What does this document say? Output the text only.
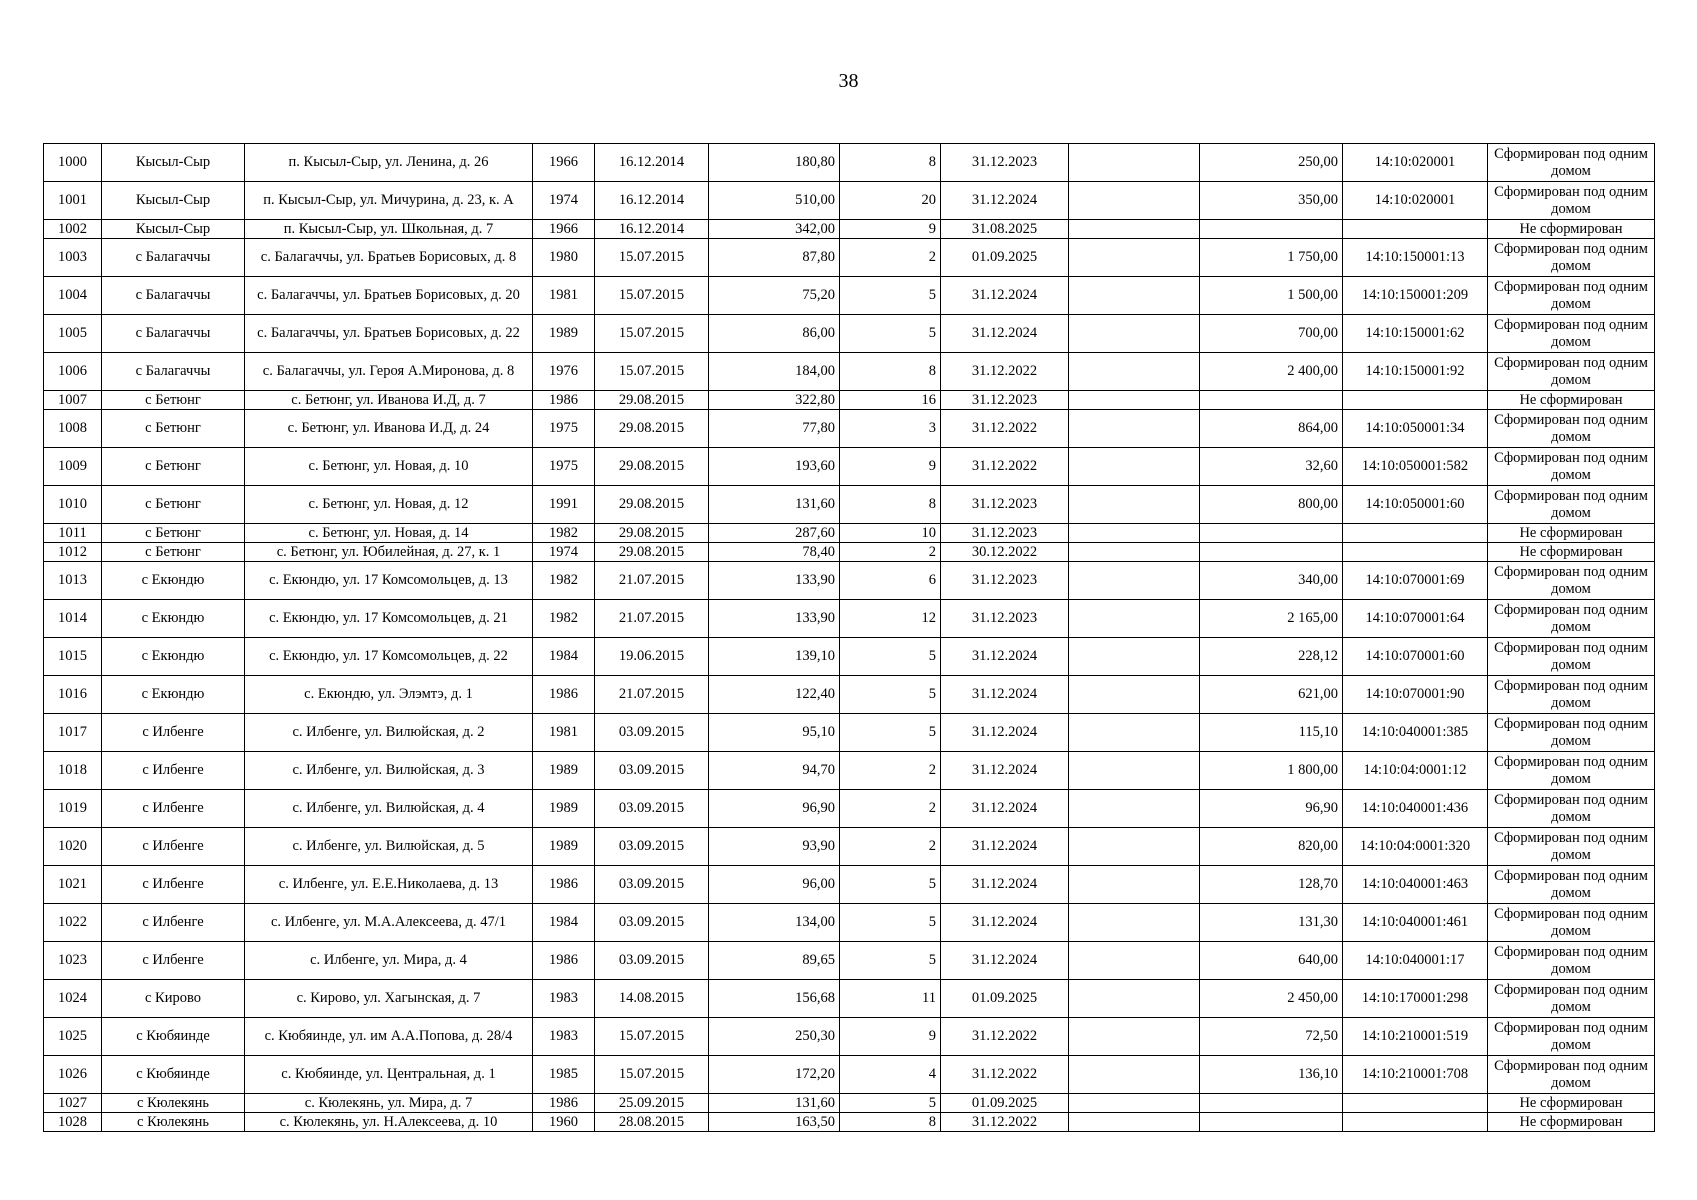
38
1000	Кысыл-Сыр	п. Кысыл-Сыр, ул. Ленина, д. 26	1966	16.12.2014	180,80	8	31.12.2023		250,00	14:10:020001	Сформирован под одним домом
1001	Кысыл-Сыр	п. Кысыл-Сыр, ул. Мичурина, д. 23, к. А	1974	16.12.2014	510,00	20	31.12.2024		350,00	14:10:020001	Сформирован под одним домом
1002	Кысыл-Сыр	п. Кысыл-Сыр, ул. Школьная, д. 7	1966	16.12.2014	342,00	9	31.08.2025				Не сформирован
1003	с Балагаччы	с. Балагаччы, ул. Братьев Борисовых, д. 8	1980	15.07.2015	87,80	2	01.09.2025		1 750,00	14:10:150001:13	Сформирован под одним домом
1004	с Балагаччы	с. Балагаччы, ул. Братьев Борисовых, д. 20	1981	15.07.2015	75,20	5	31.12.2024		1 500,00	14:10:150001:209	Сформирован под одним домом
1005	с Балагаччы	с. Балагаччы, ул. Братьев Борисовых, д. 22	1989	15.07.2015	86,00	5	31.12.2024		700,00	14:10:150001:62	Сформирован под одним домом
1006	с Балагаччы	с. Балагаччы, ул. Героя А.Миронова, д. 8	1976	15.07.2015	184,00	8	31.12.2022		2 400,00	14:10:150001:92	Сформирован под одним домом
1007	с Бетюнг	с. Бетюнг, ул. Иванова И.Д, д. 7	1986	29.08.2015	322,80	16	31.12.2023				Не сформирован
1008	с Бетюнг	с. Бетюнг, ул. Иванова И.Д, д. 24	1975	29.08.2015	77,80	3	31.12.2022		864,00	14:10:050001:34	Сформирован под одним домом
1009	с Бетюнг	с. Бетюнг, ул. Новая, д. 10	1975	29.08.2015	193,60	9	31.12.2022		32,60	14:10:050001:582	Сформирован под одним домом
1010	с Бетюнг	с. Бетюнг, ул. Новая, д. 12	1991	29.08.2015	131,60	8	31.12.2023		800,00	14:10:050001:60	Сформирован под одним домом
1011	с Бетюнг	с. Бетюнг, ул. Новая, д. 14	1982	29.08.2015	287,60	10	31.12.2023				Не сформирован
1012	с Бетюнг	с. Бетюнг, ул. Юбилейная, д. 27, к. 1	1974	29.08.2015	78,40	2	30.12.2022				Не сформирован
1013	с Екюндю	с. Екюндю, ул. 17 Комсомольцев, д. 13	1982	21.07.2015	133,90	6	31.12.2023		340,00	14:10:070001:69	Сформирован под одним домом
1014	с Екюндю	с. Екюндю, ул. 17 Комсомольцев, д. 21	1982	21.07.2015	133,90	12	31.12.2023		2 165,00	14:10:070001:64	Сформирован под одним домом
1015	с Екюндю	с. Екюндю, ул. 17 Комсомольцев, д. 22	1984	19.06.2015	139,10	5	31.12.2024		228,12	14:10:070001:60	Сформирован под одним домом
1016	с Екюндю	с. Екюндю, ул. Элэмтэ, д. 1	1986	21.07.2015	122,40	5	31.12.2024		621,00	14:10:070001:90	Сформирован под одним домом
1017	с Илбенге	с. Илбенге, ул. Вилюйская, д. 2	1981	03.09.2015	95,10	5	31.12.2024		115,10	14:10:040001:385	Сформирован под одним домом
1018	с Илбенге	с. Илбенге, ул. Вилюйская, д. 3	1989	03.09.2015	94,70	2	31.12.2024		1 800,00	14:10:04:0001:12	Сформирован под одним домом
1019	с Илбенге	с. Илбенге, ул. Вилюйская, д. 4	1989	03.09.2015	96,90	2	31.12.2024		96,90	14:10:040001:436	Сформирован под одним домом
1020	с Илбенге	с. Илбенге, ул. Вилюйская, д. 5	1989	03.09.2015	93,90	2	31.12.2024		820,00	14:10:04:0001:320	Сформирован под одним домом
1021	с Илбенге	с. Илбенге, ул. Е.Е.Николаева, д. 13	1986	03.09.2015	96,00	5	31.12.2024		128,70	14:10:040001:463	Сформирован под одним домом
1022	с Илбенге	с. Илбенге, ул. М.А.Алексеева, д. 47/1	1984	03.09.2015	134,00	5	31.12.2024		131,30	14:10:040001:461	Сформирован под одним домом
1023	с Илбенге	с. Илбенге, ул. Мира, д. 4	1986	03.09.2015	89,65	5	31.12.2024		640,00	14:10:040001:17	Сформирован под одним домом
1024	с Кирово	с. Кирово, ул. Хагынская, д. 7	1983	14.08.2015	156,68	11	01.09.2025		2 450,00	14:10:170001:298	Сформирован под одним домом
1025	с Кюбяинде	с. Кюбяинде, ул. им А.А.Попова, д. 28/4	1983	15.07.2015	250,30	9	31.12.2022		72,50	14:10:210001:519	Сформирован под одним домом
1026	с Кюбяинде	с. Кюбяинде, ул. Центральная, д. 1	1985	15.07.2015	172,20	4	31.12.2022		136,10	14:10:210001:708	Сформирован под одним домом
1027	с Кюлекянь	с. Кюлекянь, ул. Мира, д. 7	1986	25.09.2015	131,60	5	01.09.2025				Не сформирован
1028	с Кюлекянь	с. Кюлекянь, ул. Н.Алексеева, д. 10	1960	28.08.2015	163,50	8	31.12.2022				Не сформирован
